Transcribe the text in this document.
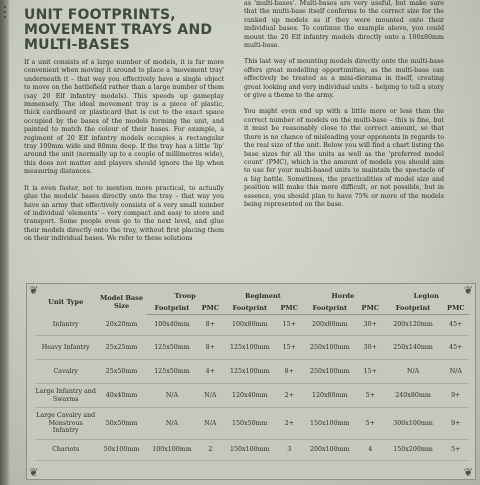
UNIT FOOTPRINTS, MOVEMENT TRAYS AND MULTI-BASES

If a unit consists of a large number of models, it is far more convenient when moving it around to place a 'movement tray' underneath it – that way you effectively have a single object to move on the battlefield rather than a large number of them (say 20 Elf infantry models). This speeds up gameplay immensely. The ideal movement tray is a piece of plastic, thick cardboard or plasticard that is cut to the exact space occupied by the bases of the models forming the unit, and painted to match the colour of their bases. For example, a regiment of 20 Elf infantry models occupies a rectangular tray 100mm wide and 80mm deep. If the tray has a little 'lip' around the unit (normally up to a couple of millimetres wide), this does not matter and players should ignore the lip when measuring distances.

It is even faster, not to mention more practical, to actually glue the models' bases directly onto the tray – that way you have an army that effectively consists of a very small number of individual 'elements' – very compact and easy to store and transport. Some people even go to the next level, and glue their models directly onto the tray, without first placing them on their individual bases. We refer to these solutions

as 'multi-bases'. Multi-bases are very useful, but make sure that the multi-base itself conforms to the correct size for the ranked up models as if they were mounted onto their individual bases. To continue the example above, you could mount the 20 Elf infantry models directly onto a 100x80mm multi-base.

This last way of mounting models directly onto the multi-base offers great modelling opportunities, as the multi-base can effectively be treated as a mini-diorama in itself, creating great looking and very individual units – helping to tell a story or give a theme to the army.

You might even end up with a little more or less than the correct number of models on the multi-base – this is fine, but it must be reasonably close to the correct amount, so that there is no chance of misleading your opponents in regards to the real size of the unit. Below you will find a chart listing the base sizes for all the units as well as the 'preferred model count' (PMC), which is the amount of models you should aim to use for your multi-based units to maintain the spectacle of a big battle. Sometimes, the practicalities of model size and position will make this more difficult, or not possible, but in essence, you should plan to have 75% or more of the models being represented on the base.

❦	❦
❦	❦
Unit Type	Model Base Size	Troop		Regiment		Horde		Legion	
		Footprint	PMC	Footprint	PMC	Footprint	PMC	Footprint	PMC
Infantry	20x20mm	100x40mm	8+	100x80mm	15+	200x80mm	30+	200x120mm	45+
Heavy Infantry	25x25mm	125x50mm	8+	125x100mm	15+	250x100mm	30+	250x140mm	45+
Cavalry	25x50mm	125x50mm	4+	125x100mm	8+	250x100mm	15+	N/A	N/A
Large Infantry and Swarms	40x40mm	N/A	N/A	120x40mm	2+	120x80mm	5+	240x80mm	9+
Large Cavalry and Monstrous Infantry	50x50mm	N/A	N/A	150x50mm	2+	150x100mm	5+	300x100mm	9+
Chariots	50x100mm	100x100mm	2	150x100mm	3	200x100mm	4	150x200mm	5+
